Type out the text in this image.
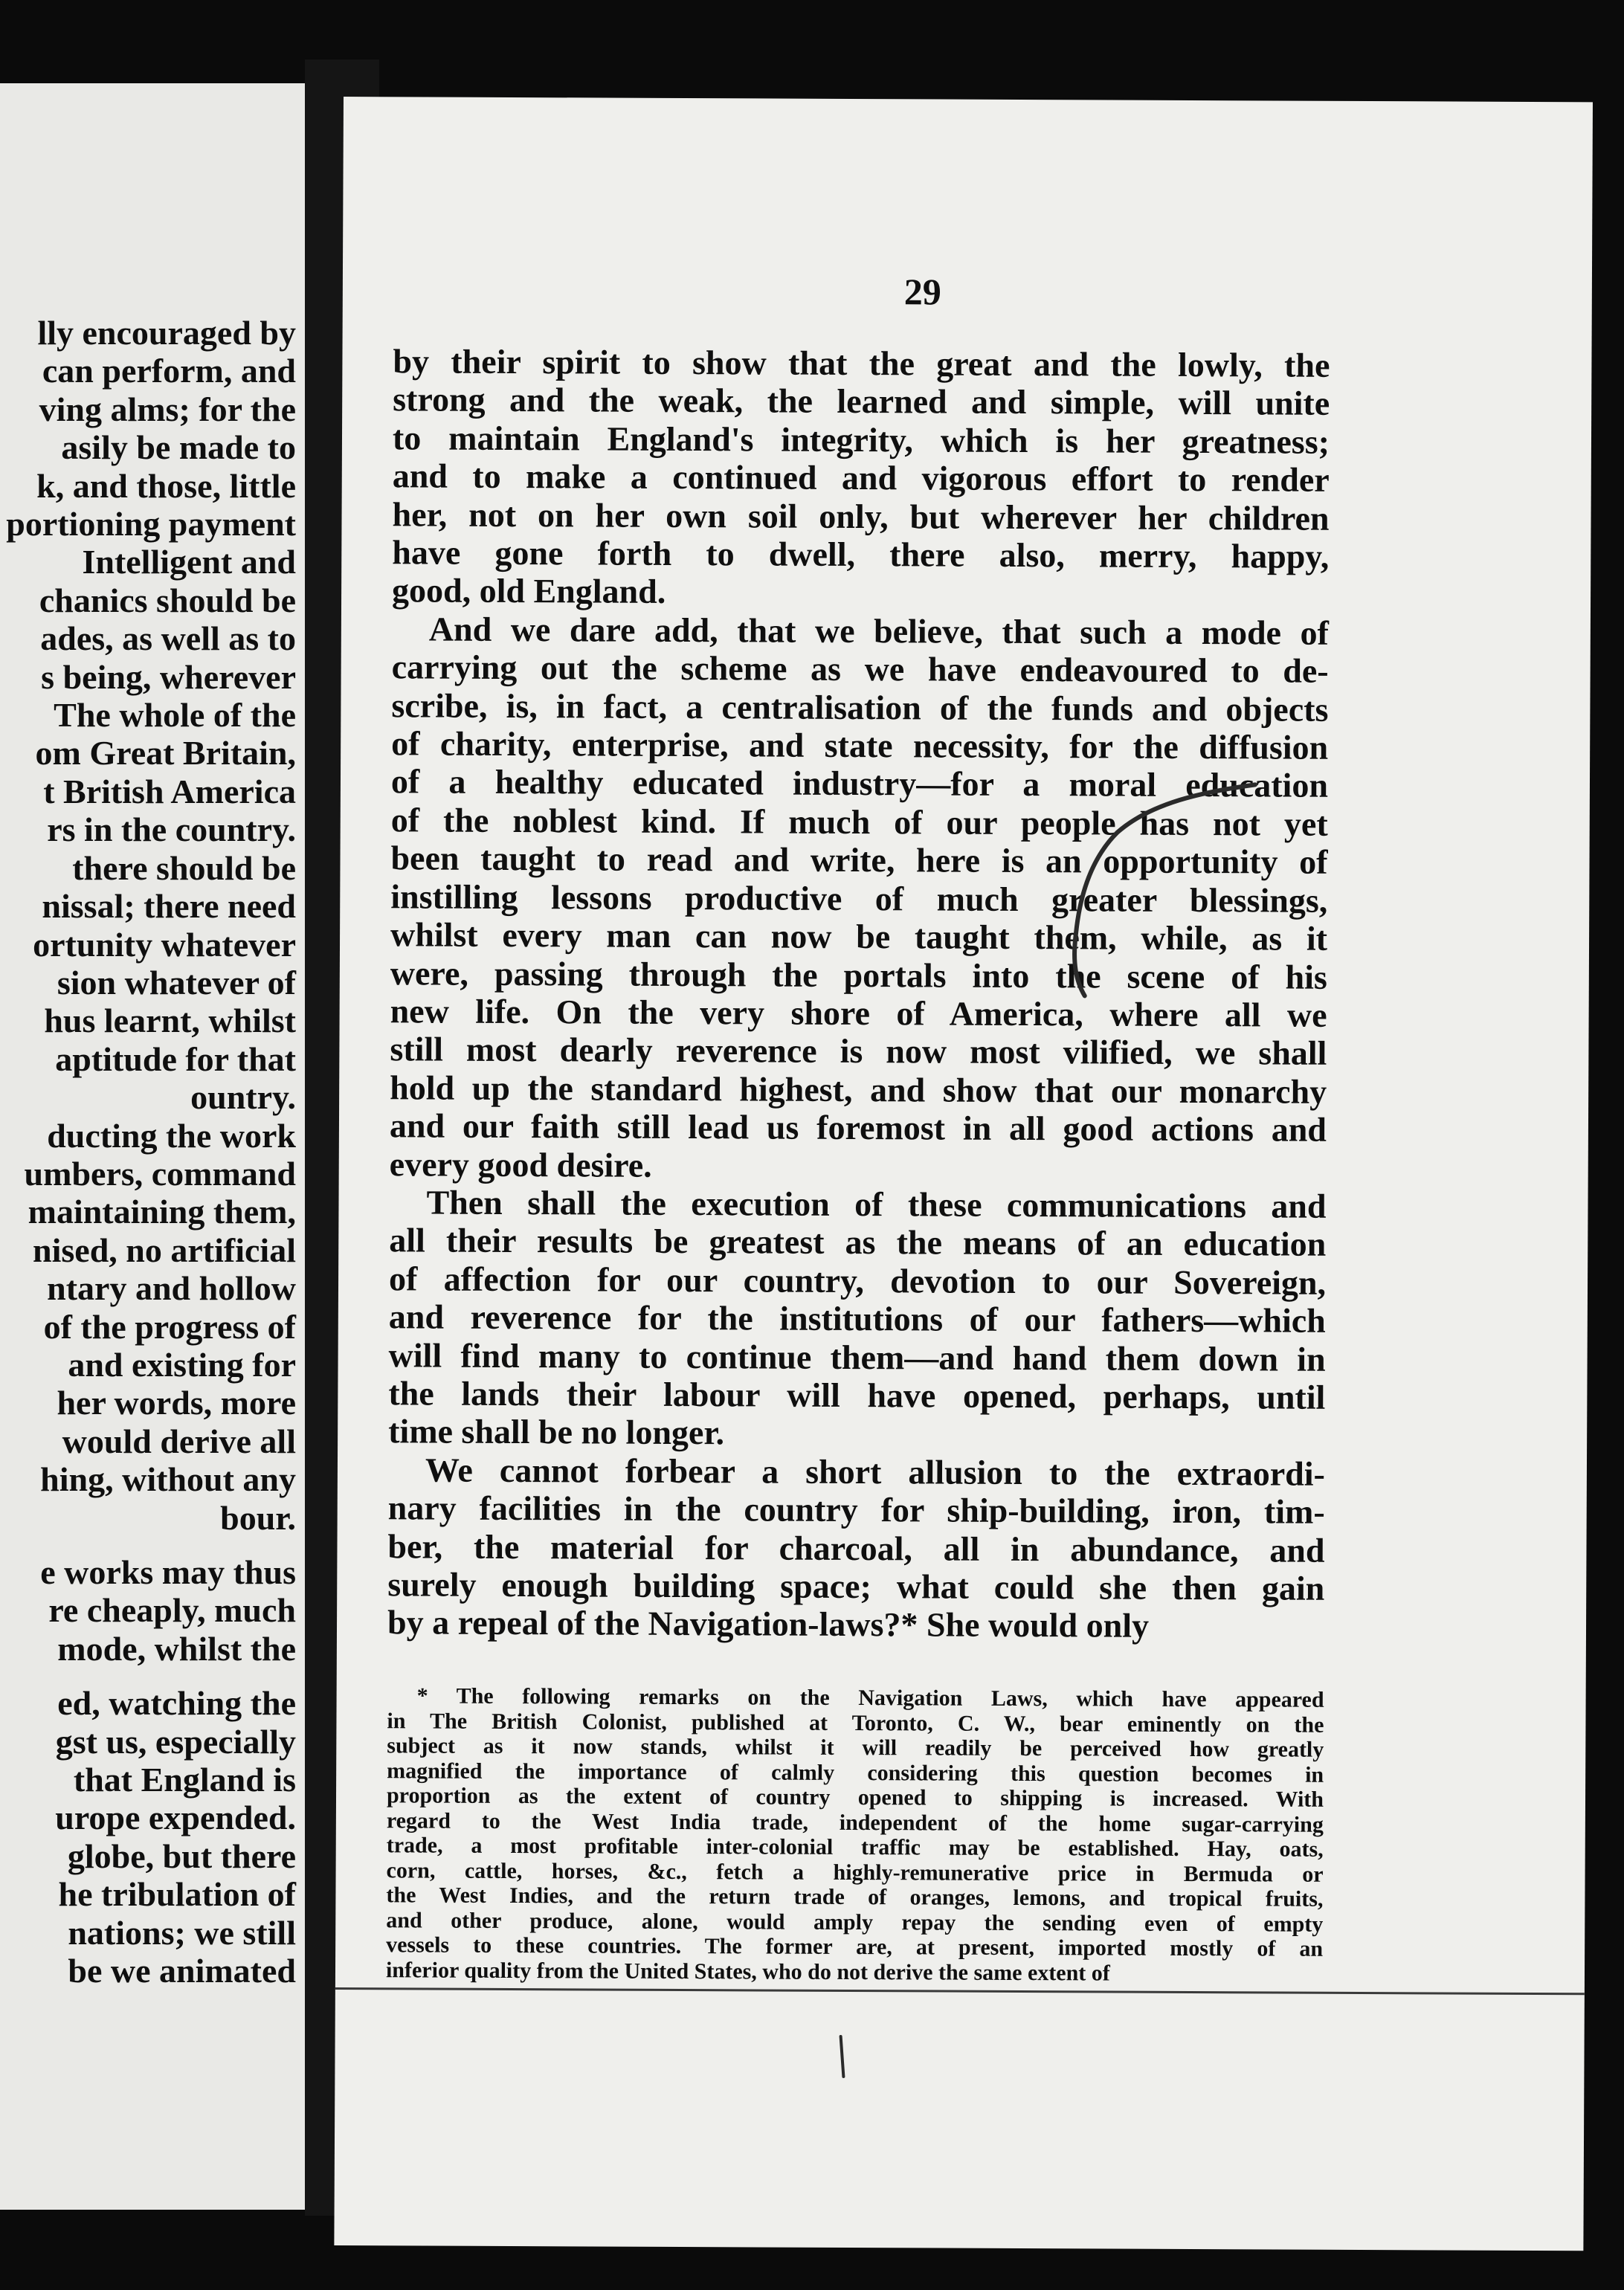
lly encouraged by
can perform, and
ving alms; for the
asily be made to
k, and those, little
portioning payment
Intelligent and
chanics should be
ades, as well as to
s being, wherever
The whole of the
om Great Britain,
t British America
rs in the country.
there should be
nissal; there need
ortunity whatever
sion whatever of
hus learnt, whilst
aptitude for that
ountry.
ducting the work
umbers, command
maintaining them,
nised, no artificial
ntary and hollow
of the progress of
and existing for
her words, more
would derive all
hing, without any
bour.
e works may thus
re cheaply, much
mode, whilst the
ed, watching the
gst us, especially
that England is
urope expended.
globe, but there
he tribulation of
nations; we still
be we animated
29
by their spirit to show that the great and the lowly, the
strong and the weak, the learned and simple, will unite
to maintain England's integrity, which is her greatness;
and to make a continued and vigorous effort to render
her, not on her own soil only, but wherever her children
have gone forth to dwell, there also, merry, happy,
good, old England.
And we dare add, that we believe, that such a mode of
carrying out the scheme as we have endeavoured to de-
scribe, is, in fact, a centralisation of the funds and objects
of charity, enterprise, and state necessity, for the diffusion
of a healthy educated industry—for a moral education
of the noblest kind. If much of our people has not yet
been taught to read and write, here is an opportunity of
instilling lessons productive of much greater blessings,
whilst every man can now be taught them, while, as it
were, passing through the portals into the scene of his
new life. On the very shore of America, where all we
still most dearly reverence is now most vilified, we shall
hold up the standard highest, and show that our monarchy
and our faith still lead us foremost in all good actions and
every good desire.
Then shall the execution of these communications and
all their results be greatest as the means of an education
of affection for our country, devotion to our Sovereign,
and reverence for the institutions of our fathers—which
will find many to continue them—and hand them down in
the lands their labour will have opened, perhaps, until
time shall be no longer.
We cannot forbear a short allusion to the extraordi-
nary facilities in the country for ship-building, iron, tim-
ber, the material for charcoal, all in abundance, and
surely enough building space; what could she then gain
by a repeal of the Navigation-laws?* She would only
* The following remarks on the Navigation Laws, which have appeared
in The British Colonist, published at Toronto, C. W., bear eminently on the
subject as it now stands, whilst it will readily be perceived how greatly
magnified the importance of calmly considering this question becomes in
proportion as the extent of country opened to shipping is increased. With
regard to the West India trade, independent of the home sugar-carrying
trade, a most profitable inter-colonial traffic may be established. Hay, oats,
corn, cattle, horses, &c., fetch a highly-remunerative price in Bermuda or
the West Indies, and the return trade of oranges, lemons, and tropical fruits,
and other produce, alone, would amply repay the sending even of empty
vessels to these countries. The former are, at present, imported mostly of an
inferior quality from the United States, who do not derive the same extent of
